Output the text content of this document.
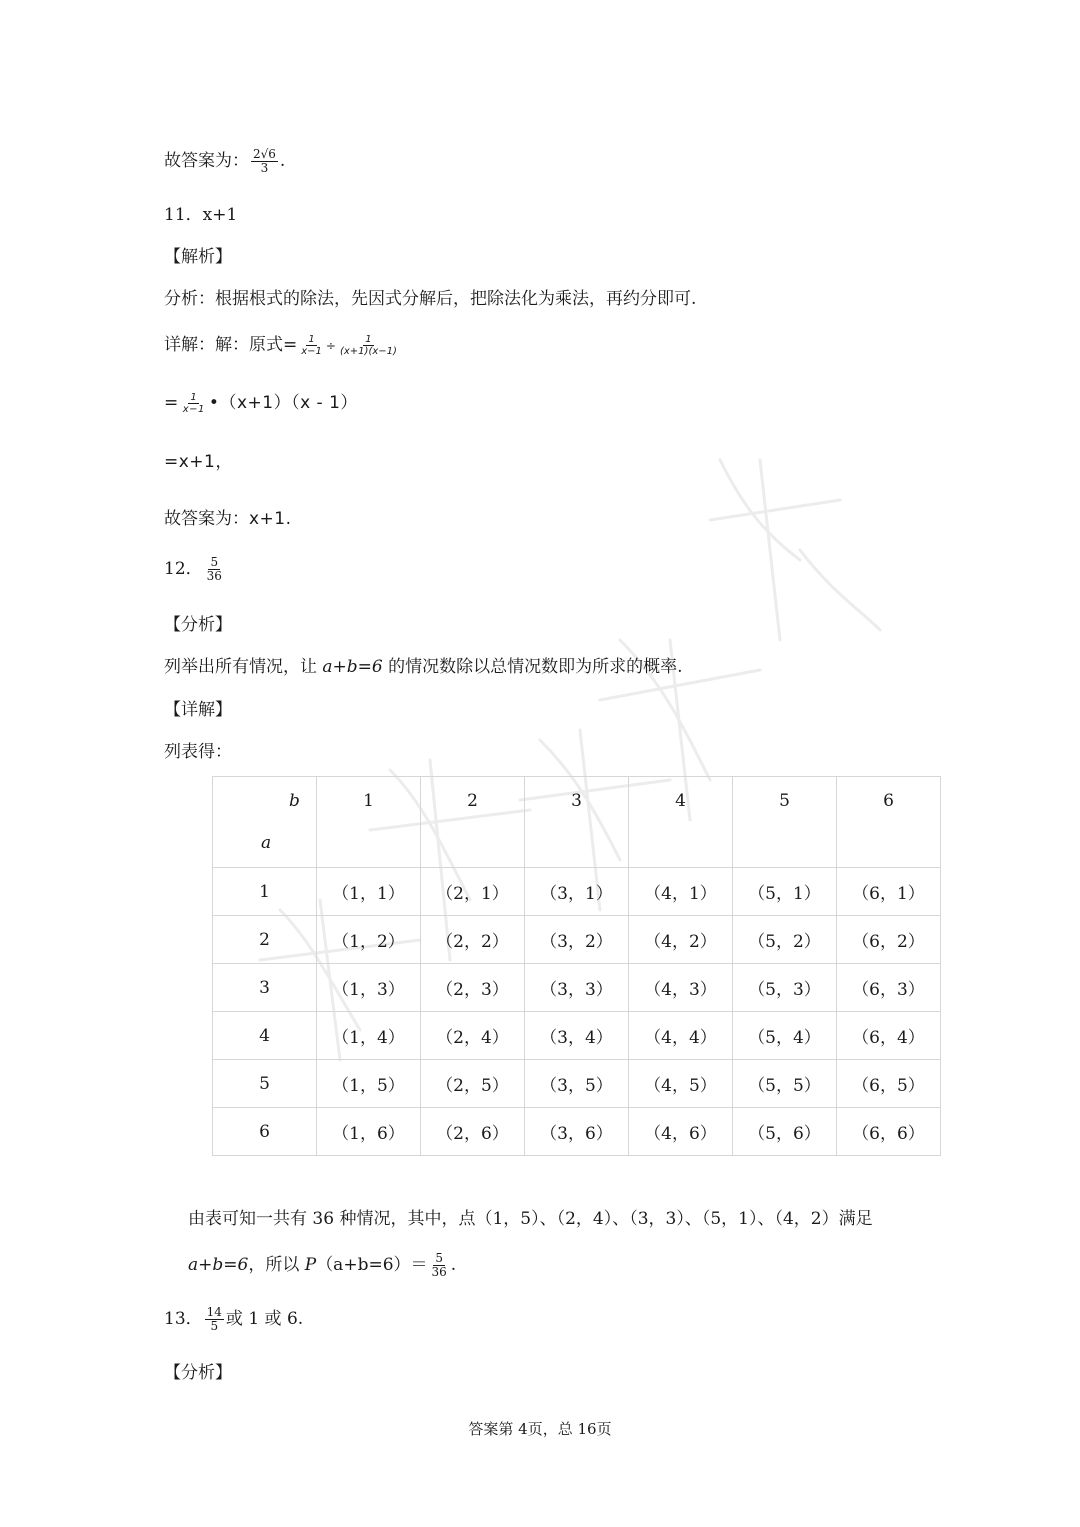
故答案为： $\frac{2√6}{3}$ .
11．x+1
【解析】
分析：根据根式的除法，先因式分解后，把除法化为乘法，再约分即可.
详解：解：原式= $\frac{1}{x-1} \div \frac{1}{(x+1)(x-1)}$
= $\frac{1}{x-1}$ •（x+1）（x - 1）
=x+1，
故答案为：x+1.
12． $\frac{5}{36}$
【分析】
列举出所有情况，让 a+b=6 的情况数除以总情况数即为所求的概率.
【详解】
列表得：
b
a	1	2	3	4	5	6

1	（1，1）	（2，1）	（3，1）	（4，1）	（5，1）	（6，1）
2	（1，2）	（2，2）	（3，2）	（4，2）	（5，2）	（6，2）
3	（1，3）	（2，3）	（3，3）	（4，3）	（5，3）	（6，3）
4	（1，4）	（2，4）	（3，4）	（4，4）	（5，4）	（6，4）
5	（1，5）	（2，5）	（3，5）	（4，5）	（5，5）	（6，5）
6	（1，6）	（2，6）	（3，6）	（4，6）	（5，6）	（6，6）
由表可知一共有 36 种情况，其中，点（1，5）、（2，4）、（3，3）、（5，1）、（4，2）满足
a+b=6，所以 $P(a+b=6)= \frac{5}{36}$ .
13． $\frac{14}{5}$ 或 1 或 6.
【分析】
答案第 4页，总 16页
